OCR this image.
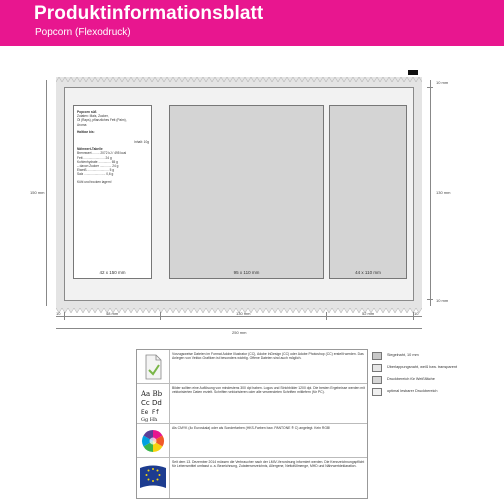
Produktinformationsblatt
Popcorn (Flexodruck)
Popcorn süß
Zutaten: Mais, Zucker,
Öl (Raps), pflanzliches Fett (Palm),
Aroma
Haltbar bis:
Inhalt: 10g
Nährwert-Tabelle
Brennwert ........ 2072 kJ / 495 kcal
Fett ........................ 24 g
Kohlenhydrate .............. 65 g
– davon Zucker ............. 24 g
Eiweiß ........................ 5 g
Salz ........................ 0,6 g
Kühl und trocken lagern!
42 x 150 mm	95 x 110 mm	44 x 110 mm
150 mm
10 mm
130 mm
10 mm
10	48 mm	130 mm	52 mm	10
250 mm
Vorzugsweise Dateien im Format Adobe Illustrator (CC), Adobe InDesign (CC) oder Adobe Photoshop (CC) erstellt werden. Das Anlegen von Vektor-Grafiken ist besonders wichtig. Offene Dateien sind auch möglich.
Aa Bb
Cc Dd
Ee Ff
Gg Hh
Bilder sollten eine Auflösung von mindestens 300 dpi haben. Logos und Strichbilder 1200 dpi. Die besten Ergebnisse werden mit vektorisierten Daten erzielt. Schriften vektorisieren oder alle verwendeten Schriften mitliefern (für PC).
Als CMYK (4c Euroskala) oder als Sonderfarben (HKS-Farben bzw. PANTONE ® C) angelegt. Kein RGB!
Seit dem 13. Dezember 2014 müssen die Verbraucher nach der LMIV-Verordnung informiert werden. Die Kennzeichnungspflicht für Lebensmittel umfasst u. a. Bezeichnung, Zutatenverzeichnis, Allergene, Nettofüllmenge, MHD und Nährwertdeklaration.
Siegelnaht, 10 mm
Überlappungsnaht, weiß bzw. transparent
Druckbereich für Weißfläche
optimal lesbarer Druckbereich
